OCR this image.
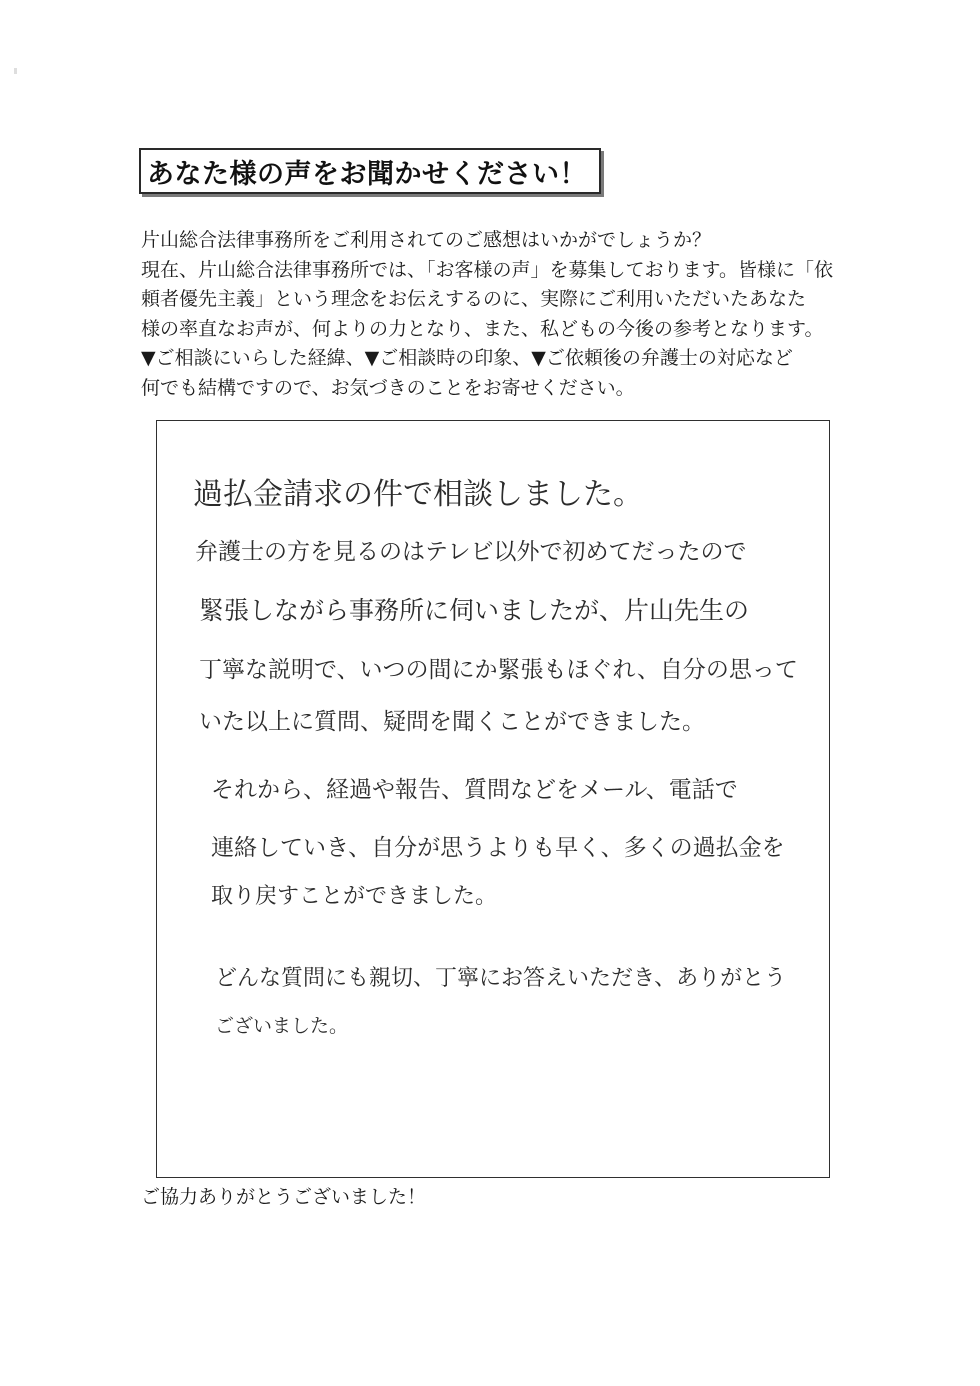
あなた様の声をお聞かせください！
片山総合法律事務所をご利用されてのご感想はいかがでしょうか？
現在、片山総合法律事務所では、「お客様の声」を募集しております。皆様に「依
頼者優先主義」という理念をお伝えするのに、実際にご利用いただいたあなた
様の率直なお声が、何よりの力となり、また、私どもの今後の参考となります。
▼ご相談にいらした経緯、▼ご相談時の印象、▼ご依頼後の弁護士の対応など
何でも結構ですので、お気づきのことをお寄せください。
過払金請求の件で相談しました。
弁護士の方を見るのはテレビ以外で初めてだったので
緊張しながら事務所に伺いましたが、片山先生の
丁寧な説明で、いつの間にか緊張もほぐれ、自分の思って
いた以上に質問、疑問を聞くことができました。
それから、経過や報告、質問などをメール、電話で
連絡していき、自分が思うよりも早く、多くの過払金を
取り戻すことができました。
どんな質問にも親切、丁寧にお答えいただき、ありがとう
ございました。
ご協力ありがとうございました！
